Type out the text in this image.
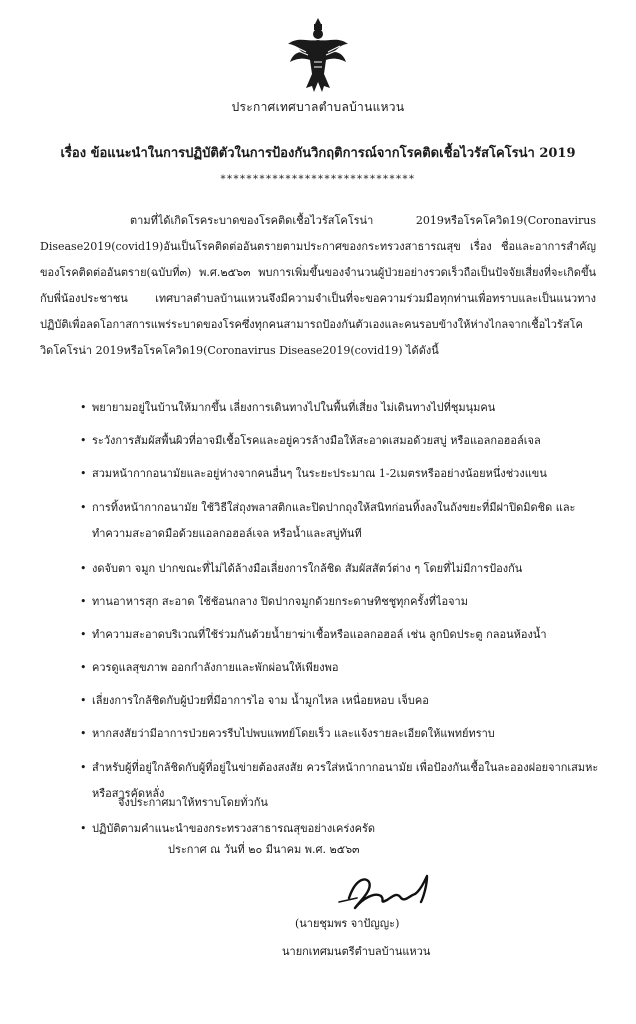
ประกาศเทศบาลตำบลบ้านแหวน
เรื่อง ข้อแนะนำในการปฏิบัติตัวในการป้องกันวิกฤติการณ์จากโรคติดเชื้อไวรัสโคโรน่า 2019
******************************

ตามที่ได้เกิดโรคระบาดของโรคติดเชื้อไวรัสโคโรน่า 2019หรือโรคโควิด19(Coronavirus Disease2019(covid19)อันเป็นโรคติดต่ออันตรายตามประกาศของกระทรวงสาธารณสุข เรื่อง ชื่อและอาการสำคัญของโรคติดต่ออันตราย(ฉบับที่๓) พ.ศ.๒๕๖๓ พบการเพิ่มขึ้นของจำนวนผู้ป่วยอย่างรวดเร็วถือเป็นปัจจัยเสี่ยงที่จะเกิดขึ้นกับพี่น้องประชาชน เทศบาลตำบลบ้านแหวนจึงมีความจำเป็นที่จะขอความร่วมมือทุกท่านเพื่อทราบและเป็นแนวทางปฏิบัติเพื่อลดโอกาสการแพร่ระบาดของโรคซึ่งทุกคนสามารถป้องกันตัวเองและคนรอบข้างให้ห่างไกลจากเชื้อไวรัสโควิดโคโรน่า 2019หรือโรคโควิด19(Coronavirus Disease2019(covid19) ได้ดังนี้

• พยายามอยู่ในบ้านให้มากขึ้น เลี่ยงการเดินทางไปในพื้นที่เสี่ยง ไม่เดินทางไปที่ชุมนุมคน
• ระวังการสัมผัสพื้นผิวที่อาจมีเชื้อโรคและอยู่ควรล้างมือให้สะอาดเสมอด้วยสบู่ หรือแอลกอฮอล์เจล
• สวมหน้ากากอนามัยและอยู่ห่างจากคนอื่นๆ ในระยะประมาณ 1-2เมตรหรืออย่างน้อยหนึ่งช่วงแขน
• การทิ้งหน้ากากอนามัย ใช้วิธีใส่ถุงพลาสติกและปิดปากถุงให้สนิทก่อนทิ้งลงในถังขยะที่มีฝาปิดมิดชิด และทำความสะอาดมือด้วยแอลกอฮอล์เจล หรือน้ำและสบู่ทันที
• งดจับตา จมูก ปากขณะที่ไม่ได้ล้างมือเลี่ยงการใกล้ชิด สัมผัสสัตว์ต่าง ๆ โดยที่ไม่มีการป้องกัน
• ทานอาหารสุก สะอาด ใช้ช้อนกลาง ปิดปากจมูกด้วยกระดาษทิชชูทุกครั้งที่ไอจาม
• ทำความสะอาดบริเวณที่ใช้ร่วมกันด้วยน้ำยาฆ่าเชื้อหรือแอลกอฮอล์ เช่น ลูกบิดประตู กลอนห้องน้ำ
• ควรดูแลสุขภาพ ออกกำลังกายและพักผ่อนให้เพียงพอ
• เลี่ยงการใกล้ชิดกับผู้ป่วยที่มีอาการไอ จาม น้ำมูกไหล เหนื่อยหอบ เจ็บคอ
• หากสงสัยว่ามีอาการป่วยควรรีบไปพบแพทย์โดยเร็ว และแจ้งรายละเอียดให้แพทย์ทราบ
• สำหรับผู้ที่อยู่ใกล้ชิดกับผู้ที่อยู่ในข่ายต้องสงสัย ควรใส่หน้ากากอนามัย เพื่อป้องกันเชื้อในละอองฝอยจากเสมหะหรือสารคัดหลั่ง
• ปฏิบัติตามคำแนะนำของกระทรวงสาธารณสุขอย่างเคร่งครัด
จึงประกาศมาให้ทราบโดยทั่วกัน
ประกาศ ณ วันที่ ๒๐ มีนาคม พ.ศ. ๒๕๖๓
(นายชุมพร จาปัญญะ)
นายกเทศมนตรีตำบลบ้านแหวน
